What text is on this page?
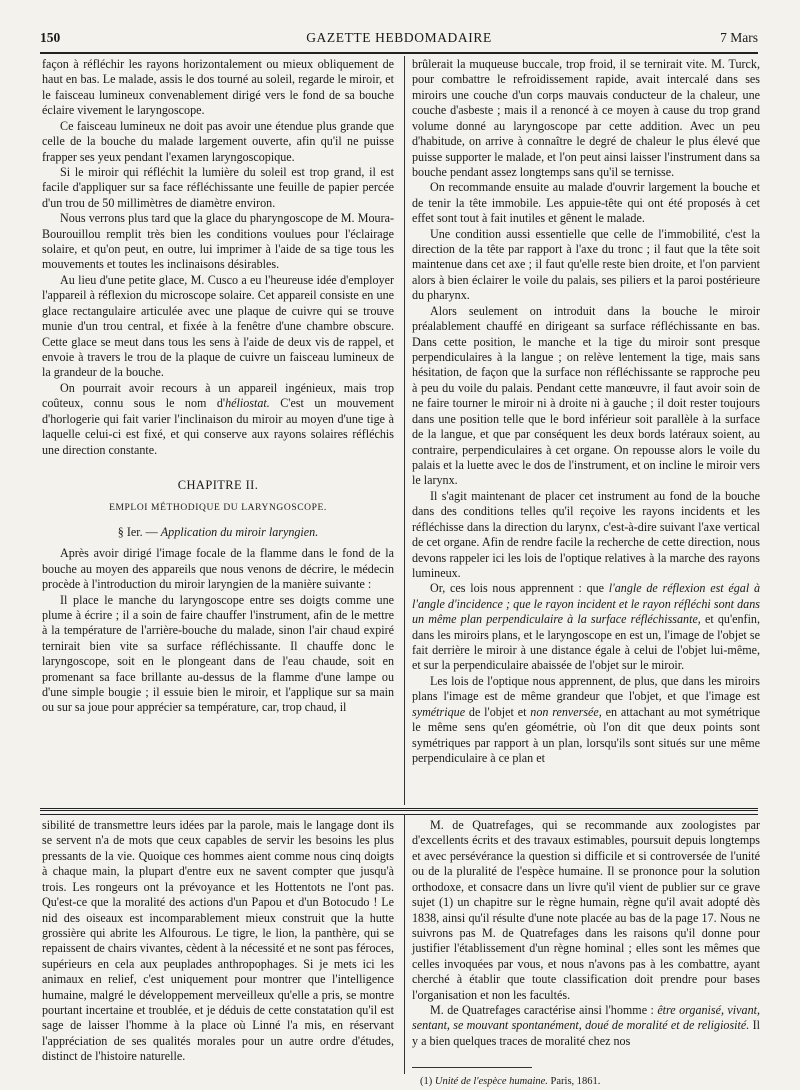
150	GAZETTE HEBDOMADAIRE	7 Mars

façon à réfléchir les rayons horizontalement ou mieux obliquement de haut en bas. Le malade, assis le dos tourné au soleil, regarde le miroir, et le faisceau lumineux convenablement dirigé vers le fond de sa bouche éclaire vivement le laryngoscope.

Ce faisceau lumineux ne doit pas avoir une étendue plus grande que celle de la bouche du malade largement ouverte, afin qu'il ne puisse frapper ses yeux pendant l'examen laryngoscopique.

Si le miroir qui réfléchit la lumière du soleil est trop grand, il est facile d'appliquer sur sa face réfléchissante une feuille de papier percée d'un trou de 50 millimètres de diamètre environ.

Nous verrons plus tard que la glace du pharyngoscope de M. Moura-Bourouillou remplit très bien les conditions voulues pour l'éclairage solaire, et qu'on peut, en outre, lui imprimer à l'aide de sa tige tous les mouvements et toutes les inclinaisons désirables.

Au lieu d'une petite glace, M. Cusco a eu l'heureuse idée d'employer l'appareil à réflexion du microscope solaire. Cet appareil consiste en une glace rectangulaire articulée avec une plaque de cuivre qui se trouve munie d'un trou central, et fixée à la fenêtre d'une chambre obscure. Cette glace se meut dans tous les sens à l'aide de deux vis de rappel, et envoie à travers le trou de la plaque de cuivre un faisceau lumineux de la grandeur de la bouche.

On pourrait avoir recours à un appareil ingénieux, mais trop coûteux, connu sous le nom d'héliostat. C'est un mouvement d'horlogerie qui fait varier l'inclinaison du miroir au moyen d'une tige à laquelle celui-ci est fixé, et qui conserve aux rayons solaires réfléchis une direction constante.

CHAPITRE II.

EMPLOI MÉTHODIQUE DU LARYNGOSCOPE.

§ Ier. — Application du miroir laryngien.

Après avoir dirigé l'image focale de la flamme dans le fond de la bouche au moyen des appareils que nous venons de décrire, le médecin procède à l'introduction du miroir laryngien de la manière suivante :

Il place le manche du laryngoscope entre ses doigts comme une plume à écrire ; il a soin de faire chauffer l'instrument, afin de le mettre à la température de l'arrière-bouche du malade, sinon l'air chaud expiré ternirait bien vite sa surface réfléchissante. Il chauffe donc le laryngoscope, soit en le plongeant dans de l'eau chaude, soit en promenant sa face brillante au-dessus de la flamme d'une lampe ou d'une simple bougie ; il essuie bien le miroir, et l'applique sur sa main ou sur sa joue pour apprécier sa température, car, trop chaud, il

brûlerait la muqueuse buccale, trop froid, il se ternirait vite. M. Turck, pour combattre le refroidissement rapide, avait intercalé dans ses miroirs une couche d'un corps mauvais conducteur de la chaleur, une couche d'asbeste ; mais il a renoncé à ce moyen à cause du trop grand volume donné au laryngoscope par cette addition. Avec un peu d'habitude, on arrive à connaître le degré de chaleur le plus élevé que puisse supporter le malade, et l'on peut ainsi laisser l'instrument dans sa bouche pendant assez longtemps sans qu'il se ternisse.

On recommande ensuite au malade d'ouvrir largement la bouche et de tenir la tête immobile. Les appuie-tête qui ont été proposés à cet effet sont tout à fait inutiles et gênent le malade.

Une condition aussi essentielle que celle de l'immobilité, c'est la direction de la tête par rapport à l'axe du tronc ; il faut que la tête soit maintenue dans cet axe ; il faut qu'elle reste bien droite, et l'on parvient alors à bien éclairer le voile du palais, ses piliers et la paroi postérieure du pharynx.

Alors seulement on introduit dans la bouche le miroir préalablement chauffé en dirigeant sa surface réfléchissante en bas. Dans cette position, le manche et la tige du miroir sont presque perpendiculaires à la langue ; on relève lentement la tige, mais sans hésitation, de façon que la surface non réfléchissante se rapproche peu à peu du voile du palais. Pendant cette manœuvre, il faut avoir soin de ne faire tourner le miroir ni à droite ni à gauche ; il doit rester toujours dans une position telle que le bord inférieur soit parallèle à la surface de la langue, et que par conséquent les deux bords latéraux soient, au contraire, perpendiculaires à cet organe. On repousse alors le voile du palais et la luette avec le dos de l'instrument, et on incline le miroir vers le larynx.

Il s'agit maintenant de placer cet instrument au fond de la bouche dans des conditions telles qu'il reçoive les rayons incidents et les réfléchisse dans la direction du larynx, c'est-à-dire suivant l'axe vertical de cet organe. Afin de rendre facile la recherche de cette direction, nous devons rappeler ici les lois de l'optique relatives à la marche des rayons lumineux.

Or, ces lois nous apprennent : que l'angle de réflexion est égal à l'angle d'incidence ; que le rayon incident et le rayon réfléchi sont dans un même plan perpendiculaire à la surface réfléchissante, et qu'enfin, dans les miroirs plans, et le laryngoscope en est un, l'image de l'objet se fait derrière le miroir à une distance égale à celui de l'objet lui-même, et sur la perpendiculaire abaissée de l'objet sur le miroir.

Les lois de l'optique nous apprennent, de plus, que dans les miroirs plans l'image est de même grandeur que l'objet, et que l'image est symétrique de l'objet et non renversée, en attachant au mot symétrique le même sens qu'en géométrie, où l'on dit que deux points sont symétriques par rapport à un plan, lorsqu'ils sont situés sur une même perpendiculaire à ce plan et

sibilité de transmettre leurs idées par la parole, mais le langage dont ils se servent n'a de mots que ceux capables de servir les besoins les plus pressants de la vie. Quoique ces hommes aient comme nous cinq doigts à chaque main, la plupart d'entre eux ne savent compter que jusqu'à trois. Les rongeurs ont la prévoyance et les Hottentots ne l'ont pas. Qu'est-ce que la moralité des actions d'un Papou et d'un Botocudo ! Le nid des oiseaux est incomparablement mieux construit que la hutte grossière qui abrite les Alfourous. Le tigre, le lion, la panthère, qui se repaissent de chairs vivantes, cèdent à la nécessité et ne sont pas féroces, supérieurs en cela aux peuplades anthropophages. Si je mets ici les animaux en relief, c'est uniquement pour montrer que l'intelligence humaine, malgré le développement merveilleux qu'elle a pris, se montre pourtant incertaine et troublée, et je déduis de cette constatation qu'il est sage de laisser l'homme à la place où Linné l'a mis, en réservant l'appréciation de ses qualités morales pour un autre ordre d'études, distinct de l'histoire naturelle.

M. de Quatrefages, qui se recommande aux zoologistes par d'excellents écrits et des travaux estimables, poursuit depuis longtemps et avec persévérance la question si difficile et si controversée de l'unité ou de la pluralité de l'espèce humaine. Il se prononce pour la solution orthodoxe, et consacre dans un livre qu'il vient de publier sur ce grave sujet (1) un chapitre sur le règne humain, règne qu'il avait adopté dès 1838, ainsi qu'il résulte d'une note placée au bas de la page 17. Nous ne suivrons pas M. de Quatrefages dans les raisons qu'il donne pour justifier l'établissement d'un règne hominal ; elles sont les mêmes que celles invoquées par vous, et nous n'avons pas à les combattre, ayant cherché à établir que toute classification doit prendre pour bases l'organisation et non les facultés.

M. de Quatrefages caractérise ainsi l'homme : être organisé, vivant, sentant, se mouvant spontanément, doué de moralité et de religiosité. Il y a bien quelques traces de moralité chez nos

(1) Unité de l'espèce humaine. Paris, 1861.
